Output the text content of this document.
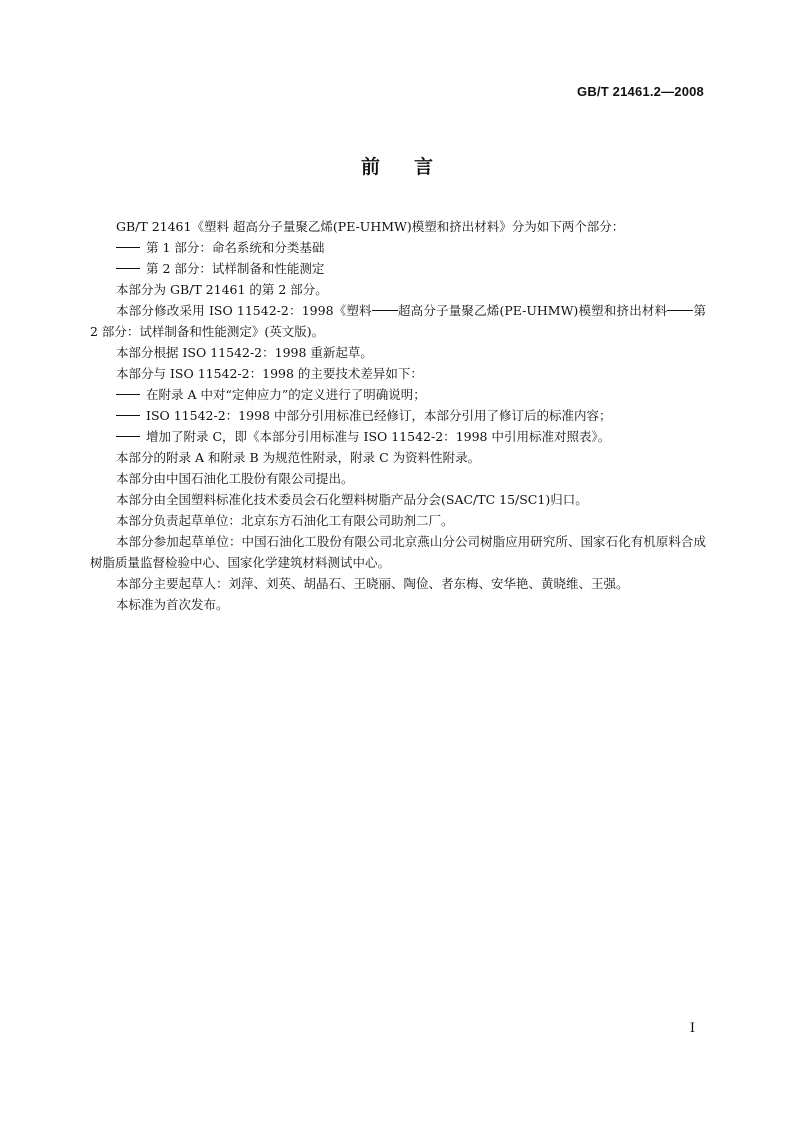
GB/T 21461.2—2008
前言

GB/T 21461《塑料 超高分子量聚乙烯(PE-UHMW)模塑和挤出材料》分为如下两个部分：

第 1 部分：命名系统和分类基础

第 2 部分：试样制备和性能测定

本部分为 GB/T 21461 的第 2 部分。

本部分修改采用 ISO 11542-2：1998《塑料 超高分子量聚乙烯(PE-UHMW)模塑和挤出材料 第 2 部分：试样制备和性能测定》(英文版)。

本部分根据 ISO 11542-2：1998 重新起草。

本部分与 ISO 11542-2：1998 的主要技术差异如下：

在附录 A 中对“定伸应力”的定义进行了明确说明；

ISO 11542-2：1998 中部分引用标准已经修订，本部分引用了修订后的标准内容；

增加了附录 C，即《本部分引用标准与 ISO 11542-2：1998 中引用标准对照表》。

本部分的附录 A 和附录 B 为规范性附录，附录 C 为资料性附录。

本部分由中国石油化工股份有限公司提出。

本部分由全国塑料标准化技术委员会石化塑料树脂产品分会(SAC/TC 15/SC1)归口。

本部分负责起草单位：北京东方石油化工有限公司助剂二厂。

本部分参加起草单位：中国石油化工股份有限公司北京燕山分公司树脂应用研究所、国家石化有机原料合成树脂质量监督检验中心、国家化学建筑材料测试中心。

本部分主要起草人：刘萍、刘英、胡晶石、王晓丽、陶俭、者东梅、安华艳、黄晓维、王强。

本标准为首次发布。

I
